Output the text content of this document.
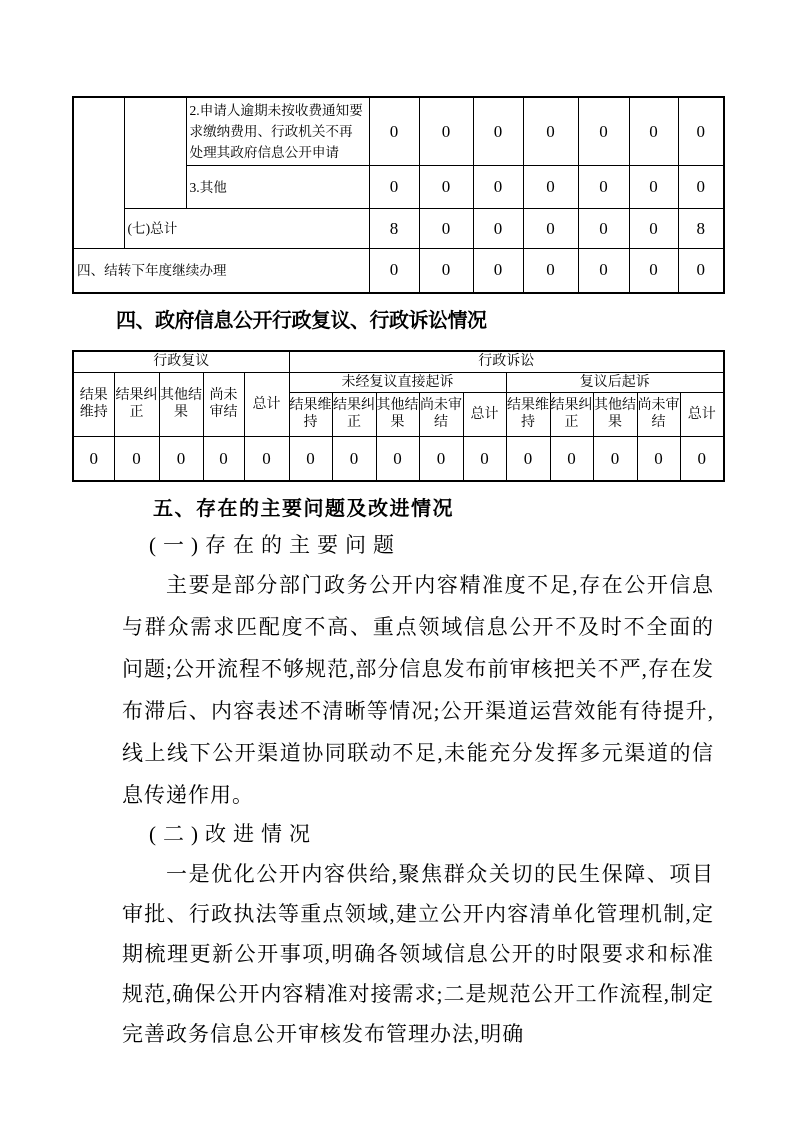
		2.申请人逾期未按收费通知要求缴纳费用、行政机关不再处理其政府信息公开申请	0	0	0	0	0	0	0
		3.其他	0	0	0	0	0	0	0
	(七)总计		8	0	0	0	0	0	8
四、结转下年度继续办理			0	0	0	0	0	0	0
四、政府信息公开行政复议、行政诉讼情况
行政复议					行政诉讼									
结果维持	结果纠正	其他结果	尚未审结	总计	未经复议直接起诉					复议后起诉				
					结果维持	结果纠正	其他结果	尚未审结	总计	结果维持	结果纠正	其他结果	尚未审结	总计
0	0	0	0	0	0	0	0	0	0	0	0	0	0	0
五、存在的主要问题及改进情况
(一)存在的主要问题
主要是部分部门政务公开内容精准度不足,存在公开信息与群众需求匹配度不高、重点领域信息公开不及时不全面的问题;公开流程不够规范,部分信息发布前审核把关不严,存在发布滞后、内容表述不清晰等情况;公开渠道运营效能有待提升,线上线下公开渠道协同联动不足,未能充分发挥多元渠道的信息传递作用。
(二)改进情况
一是优化公开内容供给,聚焦群众关切的民生保障、项目审批、行政执法等重点领域,建立公开内容清单化管理机制,定期梳理更新公开事项,明确各领域信息公开的时限要求和标准规范,确保公开内容精准对接需求;二是规范公开工作流程,制定完善政务信息公开审核发布管理办法,明确
